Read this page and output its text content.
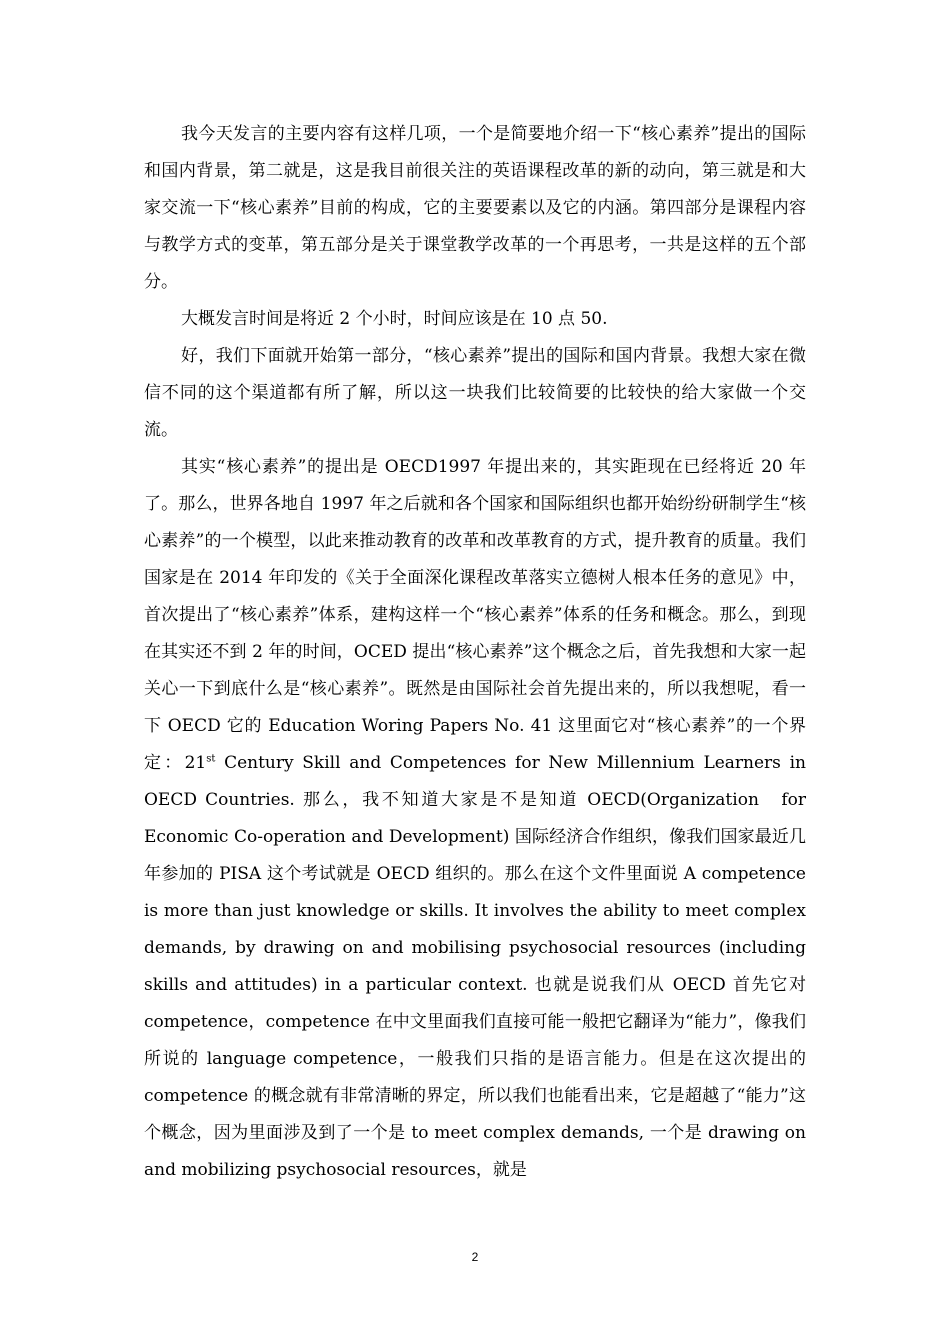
我今天发言的主要内容有这样几项，一个是简要地介绍一下“核心素养”提出的国际和国内背景，第二就是，这是我目前很关注的英语课程改革的新的动向，第三就是和大家交流一下“核心素养”目前的构成，它的主要要素以及它的内涵。第四部分是课程内容与教学方式的变革，第五部分是关于课堂教学改革的一个再思考，一共是这样的五个部分。

大概发言时间是将近 2 个小时，时间应该是在 10 点 50.

好，我们下面就开始第一部分，“核心素养”提出的国际和国内背景。我想大家在微信不同的这个渠道都有所了解，所以这一块我们比较简要的比较快的给大家做一个交流。

其实“核心素养”的提出是 OECD1997 年提出来的，其实距现在已经将近 20 年了。那么，世界各地自 1997 年之后就和各个国家和国际组织也都开始纷纷研制学生“核心素养”的一个模型，以此来推动教育的改革和改革教育的方式，提升教育的质量。我们国家是在 2014 年印发的《关于全面深化课程改革落实立德树人根本任务的意见》中，首次提出了“核心素养”体系，建构这样一个“核心素养”体系的任务和概念。那么，到现在其实还不到 2 年的时间，OCED 提出“核心素养”这个概念之后，首先我想和大家一起关心一下到底什么是“核心素养”。既然是由国际社会首先提出来的，所以我想呢，看一下 OECD 它的 Education Woring Papers No. 41 这里面它对“核心素养”的一个界定：21st Century Skill and Competences for New Millennium Learners in OECD Countries. 那么，我不知道大家是不是知道 OECD(Organization　for Economic Co-operation and Development) 国际经济合作组织，像我们国家最近几年参加的 PISA 这个考试就是 OECD 组织的。那么在这个文件里面说 A competence is more than just knowledge or skills. It involves the ability to meet complex demands, by drawing on and mobilising psychosocial resources (including skills and attitudes) in a particular context. 也就是说我们从 OECD 首先它对 competence，competence 在中文里面我们直接可能一般把它翻译为“能力”，像我们所说的 language competence，一般我们只指的是语言能力。但是在这次提出的 competence 的概念就有非常清晰的界定，所以我们也能看出来，它是超越了“能力”这个概念，因为里面涉及到了一个是 to meet complex demands, 一个是 drawing on and mobilizing psychosocial resources，就是

2
